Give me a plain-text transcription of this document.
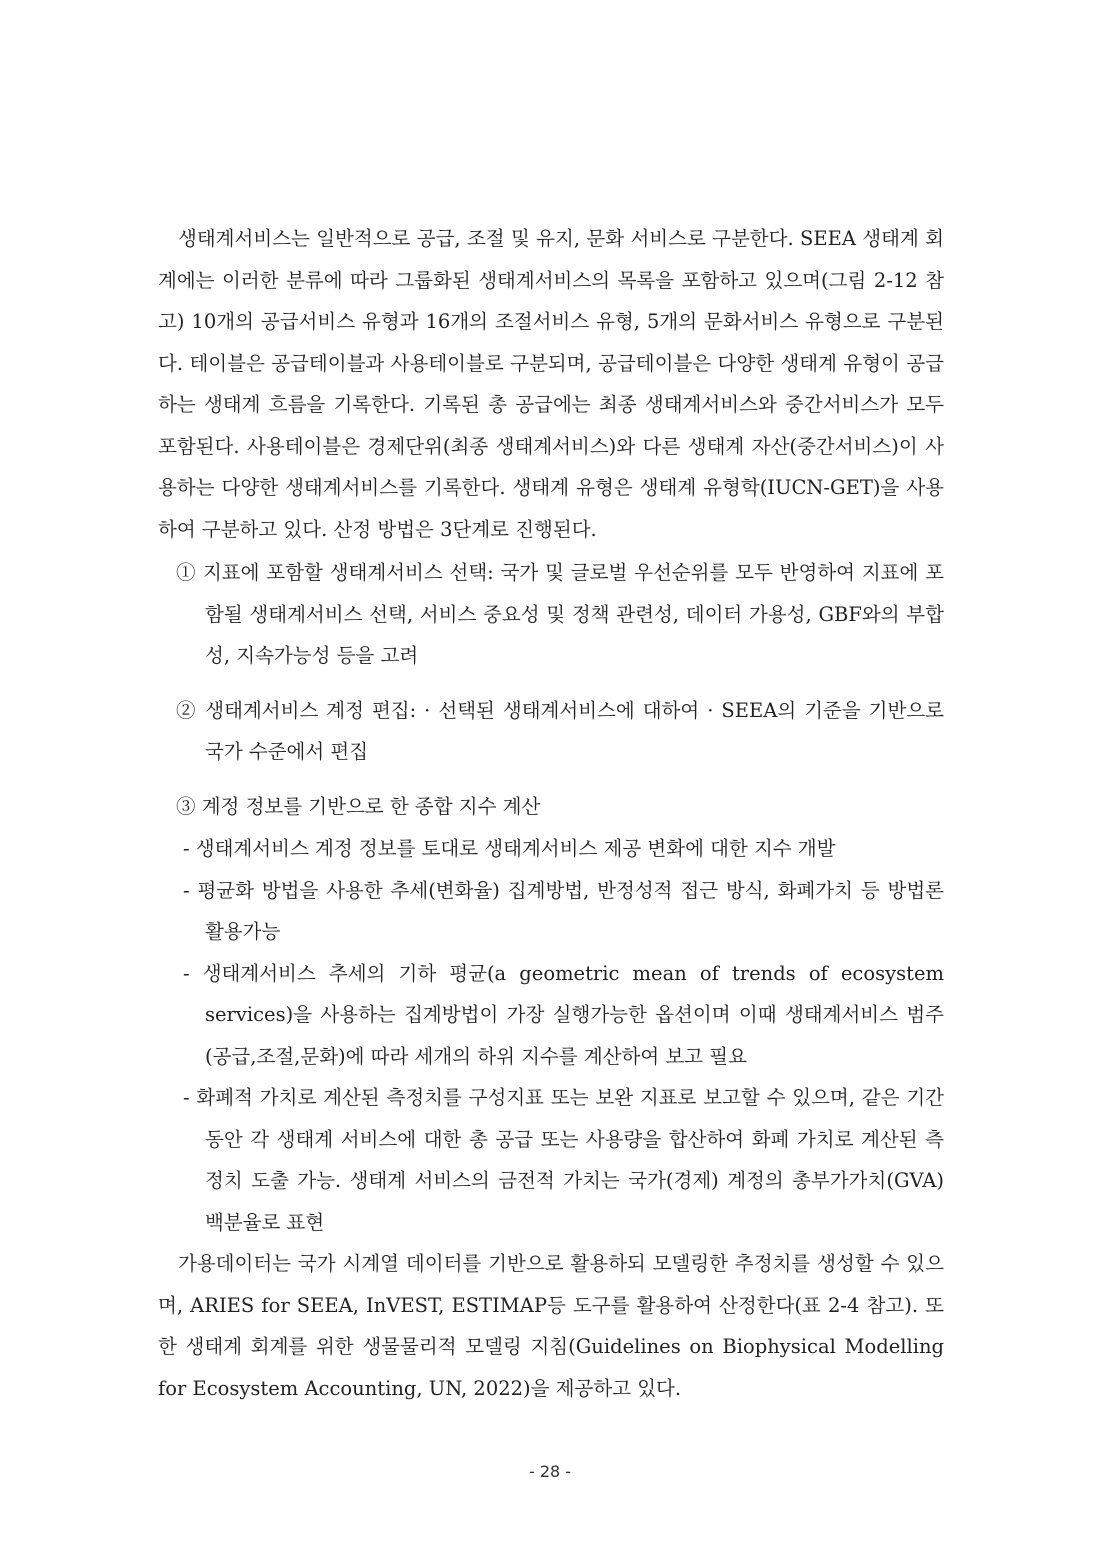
생태계서비스는 일반적으로 공급, 조절 및 유지, 문화 서비스로 구분한다. SEEA 생태계 회계에는 이러한 분류에 따라 그룹화된 생태계서비스의 목록을 포함하고 있으며(그림 2-12 참고) 10개의 공급서비스 유형과 16개의 조절서비스 유형, 5개의 문화서비스 유형으로 구분된다. 테이블은 공급테이블과 사용테이블로 구분되며, 공급테이블은 다양한 생태계 유형이 공급하는 생태계 흐름을 기록한다. 기록된 총 공급에는 최종 생태계서비스와 중간서비스가 모두 포함된다. 사용테이블은 경제단위(최종 생태계서비스)와 다른 생태계 자산(중간서비스)이 사용하는 다양한 생태계서비스를 기록한다. 생태계 유형은 생태계 유형학(IUCN-GET)을 사용하여 구분하고 있다. 산정 방법은 3단계로 진행된다.

① 지표에 포함할 생태계서비스 선택: 국가 및 글로벌 우선순위를 모두 반영하여 지표에 포함될 생태계서비스 선택, 서비스 중요성 및 정책 관련성, 데이터 가용성, GBF와의 부합성, 지속가능성 등을 고려

② 생태계서비스 계정 편집: · 선택된 생태계서비스에 대하여 · SEEA의 기준을 기반으로 국가 수준에서 편집

③ 계정 정보를 기반으로 한 종합 지수 계산

- 생태계서비스 계정 정보를 토대로 생태계서비스 제공 변화에 대한 지수 개발

- 평균화 방법을 사용한 추세(변화율) 집계방법, 반정성적 접근 방식, 화폐가치 등 방법론 활용가능

- 생태계서비스 추세의 기하 평균(a geometric mean of trends of ecosystem services)을 사용하는 집계방법이 가장 실행가능한 옵션이며 이때 생태계서비스 범주(공급,조절,문화)에 따라 세개의 하위 지수를 계산하여 보고 필요

- 화폐적 가치로 계산된 측정치를 구성지표 또는 보완 지표로 보고할 수 있으며, 같은 기간 동안 각 생태계 서비스에 대한 총 공급 또는 사용량을 합산하여 화폐 가치로 계산된 측정치 도출 가능. 생태계 서비스의 금전적 가치는 국가(경제) 계정의 총부가가치(GVA) 백분율로 표현

가용데이터는 국가 시계열 데이터를 기반으로 활용하되 모델링한 추정치를 생성할 수 있으며, ARIES for SEEA, InVEST, ESTIMAP등 도구를 활용하여 산정한다(표 2-4 참고). 또한 생태계 회계를 위한 생물물리적 모델링 지침(Guidelines on Biophysical Modelling for Ecosystem Accounting, UN, 2022)을 제공하고 있다.

- 28 -
